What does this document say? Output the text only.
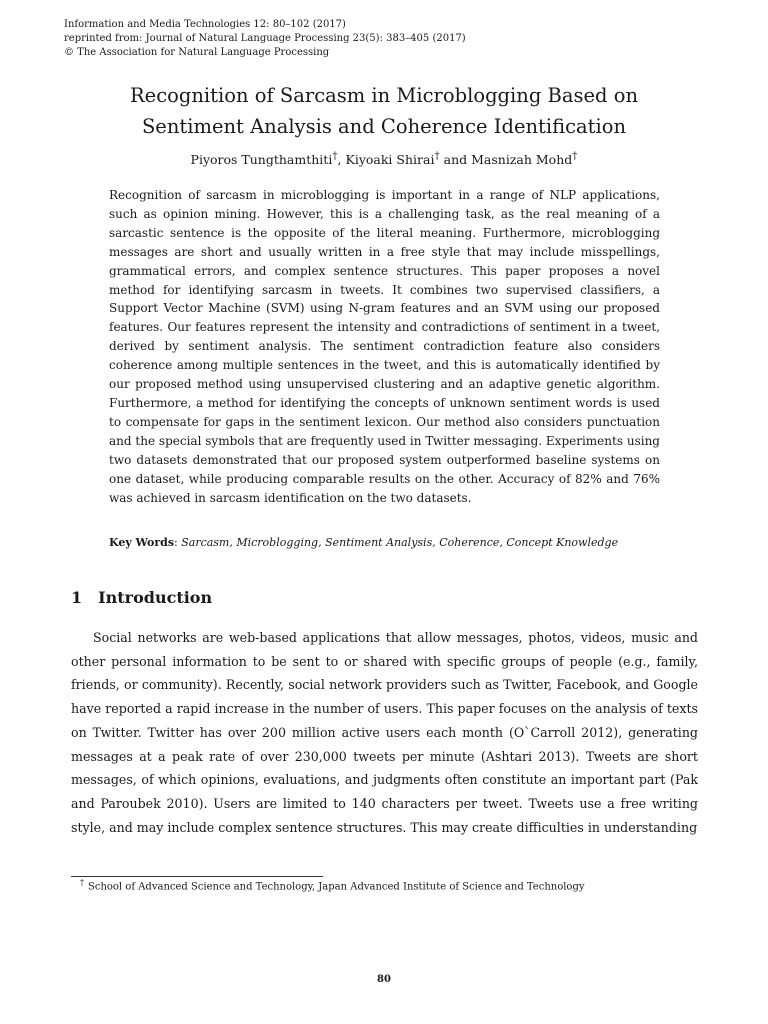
Information and Media Technologies 12: 80–102 (2017)
reprinted from: Journal of Natural Language Processing 23(5): 383–405 (2017)
© The Association for Natural Language Processing
Recognition of Sarcasm in Microblogging Based on
Sentiment Analysis and Coherence Identification
Piyoros Tungthamthiti†, Kiyoaki Shirai† and Masnizah Mohd†
Recognition of sarcasm in microblogging is important in a range of NLP applications, such as opinion mining. However, this is a challenging task, as the real meaning of a sarcastic sentence is the opposite of the literal meaning. Furthermore, microblogging messages are short and usually written in a free style that may include misspellings, grammatical errors, and complex sentence structures. This paper proposes a novel method for identifying sarcasm in tweets. It combines two supervised classifiers, a Support Vector Machine (SVM) using N-gram features and an SVM using our proposed features. Our features represent the intensity and contradictions of sentiment in a tweet, derived by sentiment analysis. The sentiment contradiction feature also considers coherence among multiple sentences in the tweet, and this is automatically identified by our proposed method using unsupervised clustering and an adaptive genetic algorithm. Furthermore, a method for identifying the concepts of unknown sentiment words is used to compensate for gaps in the sentiment lexicon. Our method also considers punctuation and the special symbols that are frequently used in Twitter messaging. Experiments using two datasets demonstrated that our proposed system outperformed baseline systems on one dataset, while producing comparable results on the other. Accuracy of 82% and 76% was achieved in sarcasm identification on the two datasets.
Key Words: Sarcasm, Microblogging, Sentiment Analysis, Coherence, Concept Knowledge
1 Introduction
Social networks are web-based applications that allow messages, photos, videos, music and other personal information to be sent to or shared with specific groups of people (e.g., family, friends, or community). Recently, social network providers such as Twitter, Facebook, and Google have reported a rapid increase in the number of users. This paper focuses on the analysis of texts on Twitter. Twitter has over 200 million active users each month (O`Carroll 2012), generating messages at a peak rate of over 230,000 tweets per minute (Ashtari 2013). Tweets are short messages, of which opinions, evaluations, and judgments often constitute an important part (Pak and Paroubek 2010). Users are limited to 140 characters per tweet. Tweets use a free writing style, and may include complex sentence structures. This may create difficulties in understanding
† School of Advanced Science and Technology, Japan Advanced Institute of Science and Technology
80
